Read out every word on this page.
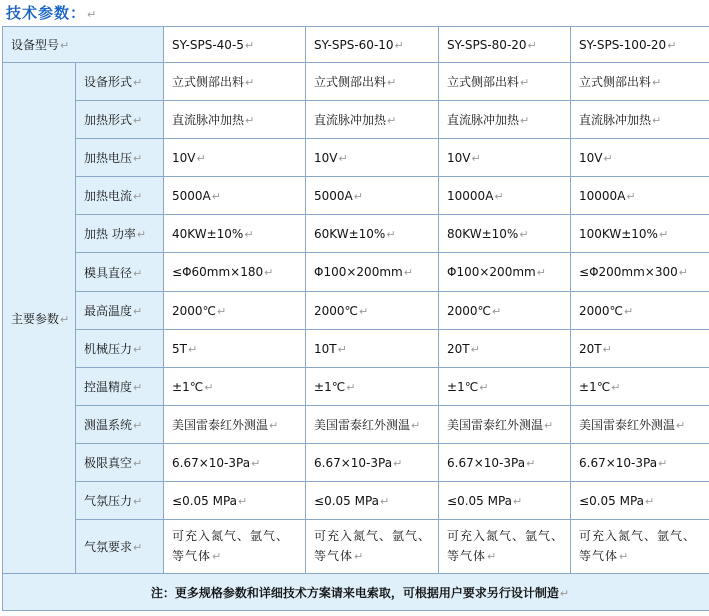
技术参数：↵
设备型号↵		SY-SPS-40-5↵	SY-SPS-60-10↵	SY-SPS-80-20↵	SY-SPS-100-20↵
主要参数↵	设备形式↵	立式侧部出料↵	立式侧部出料↵	立式侧部出料↵	立式侧部出料↵
	加热形式↵	直流脉冲加热↵	直流脉冲加热↵	直流脉冲加热↵	直流脉冲加热↵
	加热电压↵	10V↵	10V↵	10V↵	10V↵
	加热电流↵	5000A↵	5000A↵	10000A↵	10000A↵
	加热 功率↵	40KW±10%↵	60KW±10%↵	80KW±10%↵	100KW±10%↵
	模具直径↵	≤Φ60mm×180↵	Φ100×200mm↵	Φ100×200mm↵	≤Φ200mm×300↵
	最高温度↵	2000℃↵	2000℃↵	2000℃↵	2000℃↵
	机械压力↵	5T↵	10T↵	20T↵	20T↵
	控温精度↵	±1℃↵	±1℃↵	±1℃↵	±1℃↵
	测温系统↵	美国雷泰红外测温↵	美国雷泰红外测温↵	美国雷泰红外测温↵	美国雷泰红外测温↵
	极限真空↵	6.67×10-3Pa↵	6.67×10-3Pa↵	6.67×10-3Pa↵	6.67×10-3Pa↵
	气氛压力↵	≤0.05 MPa↵	≤0.05 MPa↵	≤0.05 MPa↵	≤0.05 MPa↵
	气氛要求↵	可充入氮气、氩气、等气体↵	可充入氮气、氩气、等气体↵	可充入氮气、氩气、等气体↵	可充入氮气、氩气、等气体↵
注：更多规格参数和详细技术方案请来电索取，可根据用户要求另行设计制造↵					
